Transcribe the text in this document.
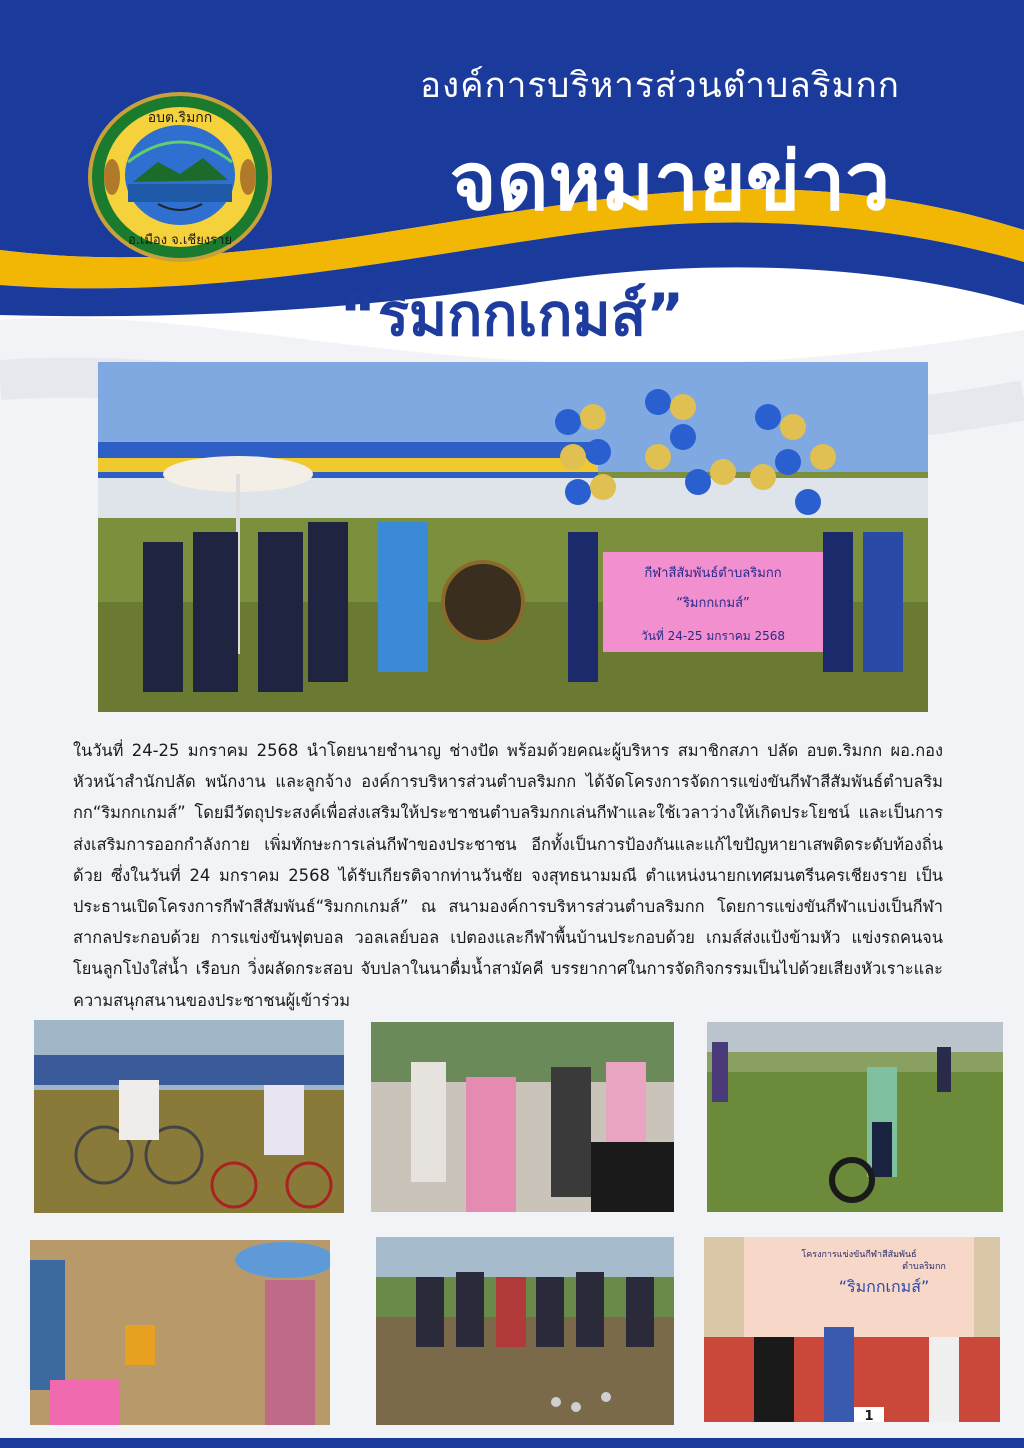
องค์การบริหารส่วนตำบลริมกก
จดหมายข่าว
อบต.ริมกก
อ.เมือง จ.เชียงราย
“ริมกกเกมส์”
กีฬาสีสัมพันธ์ตำบลริมกก
“ริมกกเกมส์”
วันที่ 24-25 มกราคม 2568

ในวันที่ 24-25 มกราคม 2568 นำโดยนายชำนาญ ช่างปัด พร้อมด้วยคณะผู้บริหาร สมาชิกสภา ปลัด อบต.ริมกก ผอ.กอง หัวหน้าสำนักปลัด พนักงาน และลูกจ้าง องค์การบริหารส่วนตำบลริมกก ได้จัดโครงการจัดการแข่งขันกีฬาสีสัมพันธ์ตำบลริมกก“ริมกกเกมส์” โดยมีวัตถุประสงค์เพื่อส่งเสริมให้ประชาชนตำบลริมกกเล่นกีฬาและใช้เวลาว่างให้เกิดประโยชน์ และเป็นการส่งเสริมการออกกำลังกาย เพิ่มทักษะการเล่นกีฬาของประชาชน อีกทั้งเป็นการป้องกันและแก้ไขปัญหายาเสพติดระดับท้องถิ่นด้วย ซึ่งในวันที่ 24 มกราคม 2568 ได้รับเกียรติจากท่านวันชัย จงสุทธนามมณี ตำแหน่งนายกเทศมนตรีนครเชียงราย เป็นประธานเปิดโครงการกีฬาสีสัมพันธ์“ริมกกเกมส์” ณ สนามองค์การบริหารส่วนตำบลริมกก โดยการแข่งขันกีฬาแบ่งเป็นกีฬาสากลประกอบด้วย การแข่งขันฟุตบอล วอลเลย์บอล เปตองและกีฬาพื้นบ้านประกอบด้วย เกมส์ส่งแป้งข้ามหัว แข่งรถคนจน โยนลูกโป่งใส่น้ำ เรือบก วิ่งผลัดกระสอบ จับปลาในนาดื่มน้ำสามัคคี บรรยากาศในการจัดกิจกรรมเป็นไปด้วยเสียงหัวเราะและความสนุกสนานของประชาชนผู้เข้าร่วม

โครงการแข่งขันกีฬาสีสัมพันธ์
ตำบลริมกก
“ริมกกเกมส์”
1
